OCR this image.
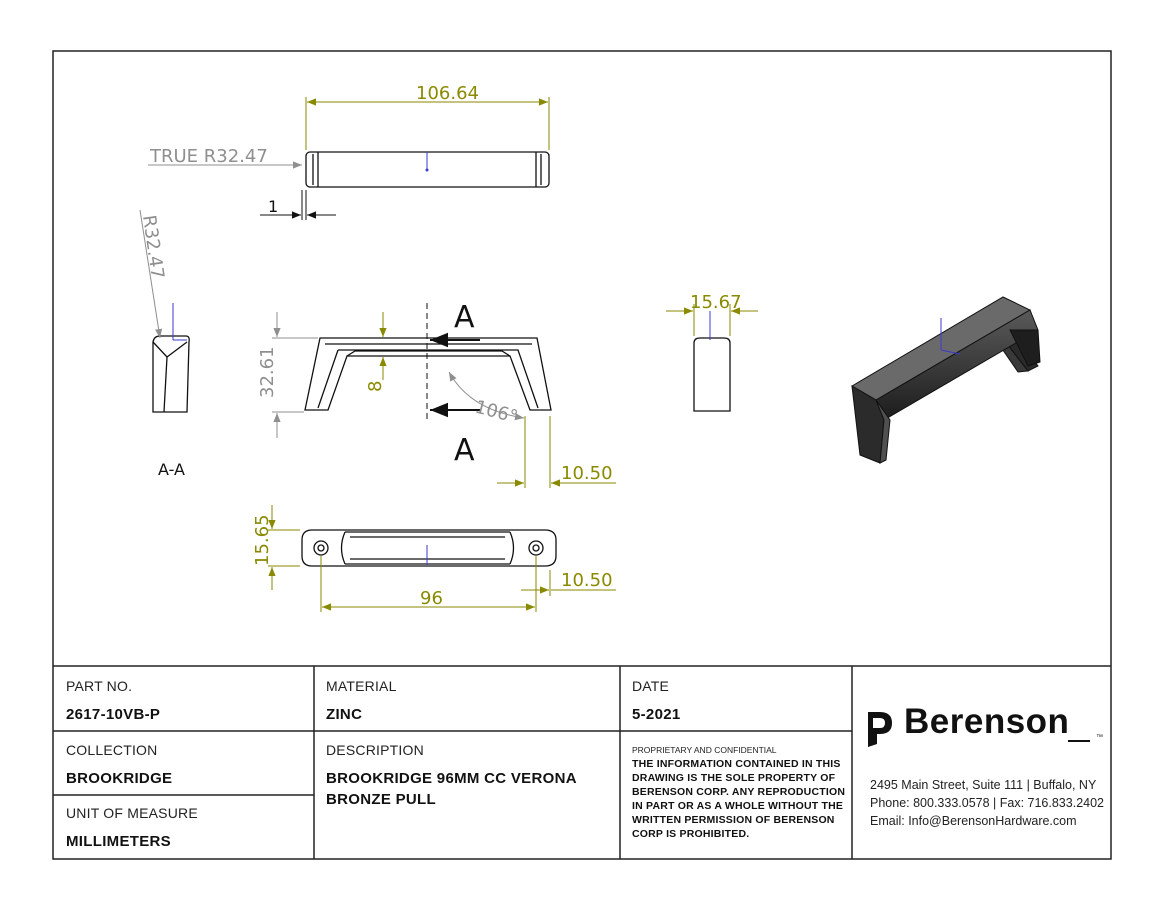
106.64
TRUE R32.47
1
R32.47
A-A
A
A
32.61	8
106°
10.50
15.65
96
10.50
15.67
PART NO.
2617-10VB-P
COLLECTION
BROOKRIDGE
UNIT OF MEASURE
MILLIMETERS
MATERIAL
ZINC
DESCRIPTION
BROOKRIDGE 96MM CC VERONA
BRONZE PULL
DATE
5-2021
PROPRIETARY AND CONFIDENTIAL
THE INFORMATION CONTAINED IN THIS
DRAWING IS THE SOLE PROPERTY OF
BERENSON CORP. ANY REPRODUCTION
IN PART OR AS A WHOLE WITHOUT THE
WRITTEN PERMISSION OF BERENSON
CORP IS PROHIBITED.
Berenson	™
2495 Main Street, Suite 111 | Buffalo, NY
Phone: 800.333.0578 | Fax: 716.833.2402
Email: Info@BerensonHardware.com
